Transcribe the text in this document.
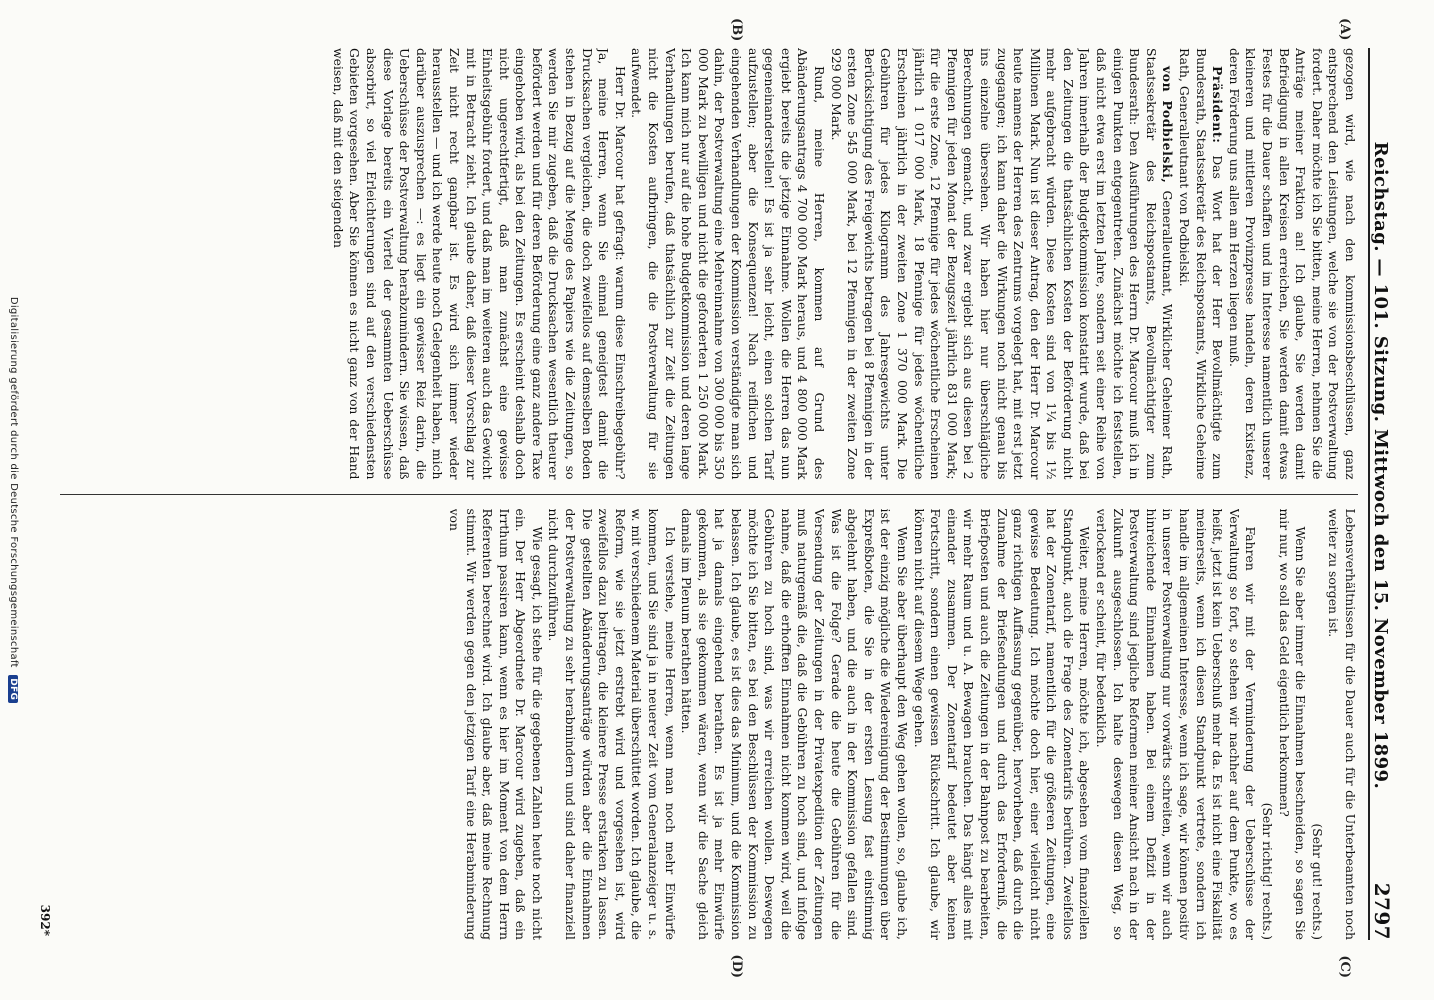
Reichstag. — 101. Sitzung. Mittwoch den 15. November 1899.
2797
(A)
(B)
(C)
(D)

gezogen wird, wie nach den kommissionsbeschlüssen, ganz entsprechend den Leistungen, welche sie von der Postverwaltung fordert. Daher möchte ich Sie bitten, meine Herren, nehmen Sie die Anträge meiner Fraktion an! Ich glaube, Sie werden damit Befriedigung in allen Kreisen erreichen, Sie werden damit etwas Festes für die Dauer schaffen und im Interesse namentlich unserer kleineren und mittleren Provinzpresse handeln, deren Existenz, deren Förderung uns allen am Herzen liegen muß.

Präsident: Das Wort hat der Herr Bevollmächtigte zum Bundesrath, Staatssekretär des Reichspostamts, Wirkliche Geheime Rath, Generalleutnant von Podbielski.

von Podbielski, Generalleutnant, Wirklicher Geheimer Rath, Staatssekretär des Reichspostamts, Bevollmächtigter zum Bundesrath: Den Ausführungen des Herrn Dr. Marcour muß ich in einigen Punkten entgegentreten. Zunächst möchte ich feststellen, daß nicht etwa erst im letzten Jahre, sondern seit einer Reihe von Jahren innerhalb der Budgetkommission konstatirt wurde, daß bei den Zeitungen die thatsächlichen Kosten der Beförderung nicht mehr aufgebracht würden. Diese Kosten sind von 1¼ bis 1½ Millionen Mark. Nun ist dieser Antrag, den der Herr Dr. Marcour heute namens der Herren des Zentrums vorgelegt hat, mit erst jetzt zugegangen; ich kann daher die Wirkungen noch nicht genau bis ins einzelne übersehen. Wir haben hier nur überschlägliche Berechnungen gemacht, und zwar ergiebt sich aus diesen bei 2 Pfennigen für jeden Monat der Bezugszeit jährlich 831 000 Mark; für die erste Zone, 12 Pfennige für jedes wöchentliche Erscheinen jährlich 1 017 000 Mark, 18 Pfennige für jedes wöchentliche Erscheinen jährlich in der zweiten Zone 1 370 000 Mark. Die Gebühren für jedes Kilogramm des Jahresgewichts unter Berücksichtigung des Freigewichts betragen bei 8 Pfennigen in der ersten Zone 545 000 Mark, bei 12 Pfennigen in der zweiten Zone 929 000 Mark.

Rund, meine Herren, kommen auf Grund des Abänderungsantrags 4 700 000 Mark heraus, und 4 800 000 Mark ergiebt bereits die jetzige Einnahme. Wollen die Herren das nun gegeneinanderstellen! Es ist ja sehr leicht, einen solchen Tarif aufzustellen; aber die Konsequenzen! Nach reiflichen und eingehenden Verhandlungen der Kommission verständigte man sich dahin, der Postverwaltung eine Mehreinnahme von 300 000 bis 350 000 Mark zu bewilligen und nicht die geforderten 1 250 000 Mark. Ich kann mich nur auf die hohe Budgetkommission und deren lange Verhandlungen berufen, daß thatsächlich zur Zeit die Zeitungen nicht die Kosten aufbringen, die die Postverwaltung für sie aufwendet.

Herr Dr. Marcour hat gefragt: warum diese Einschreibegebühr? Ja, meine Herren, wenn Sie einmal geneigtest damit die Drucksachen vergleichen, die doch zweifellos auf demselben Boden stehen in Bezug auf die Menge des Papiers wie die Zeitungen, so werden Sie mir zugeben, daß die Drucksachen wesentlich theurer befördert werden und für deren Beförderung eine ganz andere Taxe eingehoben wird, als bei den Zeitungen. Es erscheint deshalb doch nicht ungerechtfertigt, daß man zunächst eine gewisse Einheitsgebühr fordert, und daß man im weiteren auch das Gewicht mit in Betracht zieht. Ich glaube daher, daß dieser Vorschlag zur Zeit nicht recht gangbar ist. Es wird sich immer wieder herausstellen — und ich werde heute noch Gelegenheit haben, mich darüber auszusprechen —: es liegt ein gewisser Reiz darin, die Ueberschüsse der Postverwaltung herabzumindern. Sie wissen, daß diese Vorlage bereits ein Viertel der gesammten Ueberschüsse absorbirt, so viel Erleichterungen sind auf den verschiedensten Gebieten vorgesehen. Aber Sie können es nicht ganz von der Hand weisen, daß mit den steigenden

Lebensverhältnissen für die Dauer auch für die Unterbeamten noch weiter zu sorgen ist.

(Sehr gut! rechts.)

Wenn Sie aber immer die Einnahmen beschneiden, so sagen Sie mir nur, wo soll das Geld eigentlich herkommen?

(Sehr richtig! rechts.)

Fahren wir mit der Verminderung der Ueberschüsse der Verwaltung so fort, so stehen wir nachher auf dem Punkte, wo es heißt, jetzt ist kein Ueberschuß mehr da. Es ist nicht eine Fiskalität meinerseits, wenn ich diesen Standpunkt vertrete, sondern ich handle im allgemeinen Interesse, wenn ich sage, wir können positiv in unserer Postverwaltung nur vorwärts schreiten, wenn wir auch hinreichende Einnahmen haben. Bei einem Defizit in der Postverwaltung sind jegliche Reformen meiner Ansicht nach in der Zukunft ausgeschlossen. Ich halte deswegen diesen Weg, so verlockend er scheint, für bedenklich.

Weiter, meine Herren, möchte ich, abgesehen vom finanziellen Standpunkt, auch die Frage des Zonentarifs berühren. Zweifellos hat der Zonentarif, namentlich für die größeren Zeitungen, eine gewisse Bedeutung. Ich möchte doch hier, einer vielleicht nicht ganz richtigen Auffassung gegenüber, hervorheben, daß durch die Zunahme der Briefsendungen und durch das Erforderniß, die Briefposten und auch die Zeitungen in der Bahnpost zu bearbeiten, wir mehr Raum und u. A. Bewagen brauchen. Das hängt alles mit einander zusammen. Der Zonentarif bedeutet aber keinen Fortschritt, sondern einen gewissen Rückschritt. Ich glaube, wir können nicht auf diesem Wege gehen.

Wenn Sie aber überhaupt den Weg gehen wollen, so, glaube ich, ist der einzig mögliche die Wiedereinigung der Bestimmungen über Expreßboten, die Sie in der ersten Lesung fast einstimmig abgelehnt haben, und die auch in der Kommission gefallen sind. Was ist die Folge? Gerade die heute die Gebühren für die Versendung der Zeitungen in der Privatexpedition der Zeitungen muß naturgemäß die, daß die Gebühren zu hoch sind, und infolge nahme, daß die erhofften Einnahmen nicht kommen wird, weil die Gebühren zu hoch sind, was wir erreichen wollen. Deswegen möchte ich Sie bitten, es bei den Beschlüssen der Kommission zu belassen. Ich glaube, es ist dies das Minimum, und die Kommission hat ja damals eingehend berathen. Es ist ja mehr Einwürfe gekommen, als sie gekommen wären, wenn wir die Sache gleich damals im Plenum berathen hätten.

Ich verstehe, meine Herren, wenn man noch mehr Einwürfe kommen, und Sie sind ja in neuerer Zeit vom Generalanzeiger u. s. w. mit verschiedenem Material überschüttet worden. Ich glaube, die Reform, wie sie jetzt erstrebt wird und vorgesehen ist, wird zweifellos dazu beitragen, die kleinere Presse erstarken zu lassen. Die gestellten Abänderungsanträge würden aber die Einnahmen der Postverwaltung zu sehr herabmindern und sind daher finanziell nicht durchzuführen.

Wie gesagt, ich stehe für die gegebenen Zahlen heute noch nicht ein. Der Herr Abgeordnete Dr. Marcour wird zugeben, daß ein Irrthum passiren kann, wenn es hier im Moment von dem Herrn Referenten berechnet wird. Ich glaube aber, daß meine Rechnung stimmt. Wir werden gegen den jetzigen Tarif eine Herabminderung von

392*
Digitalisierung gefördert durch die Deutsche Forschungsgemeinschaft DFG
